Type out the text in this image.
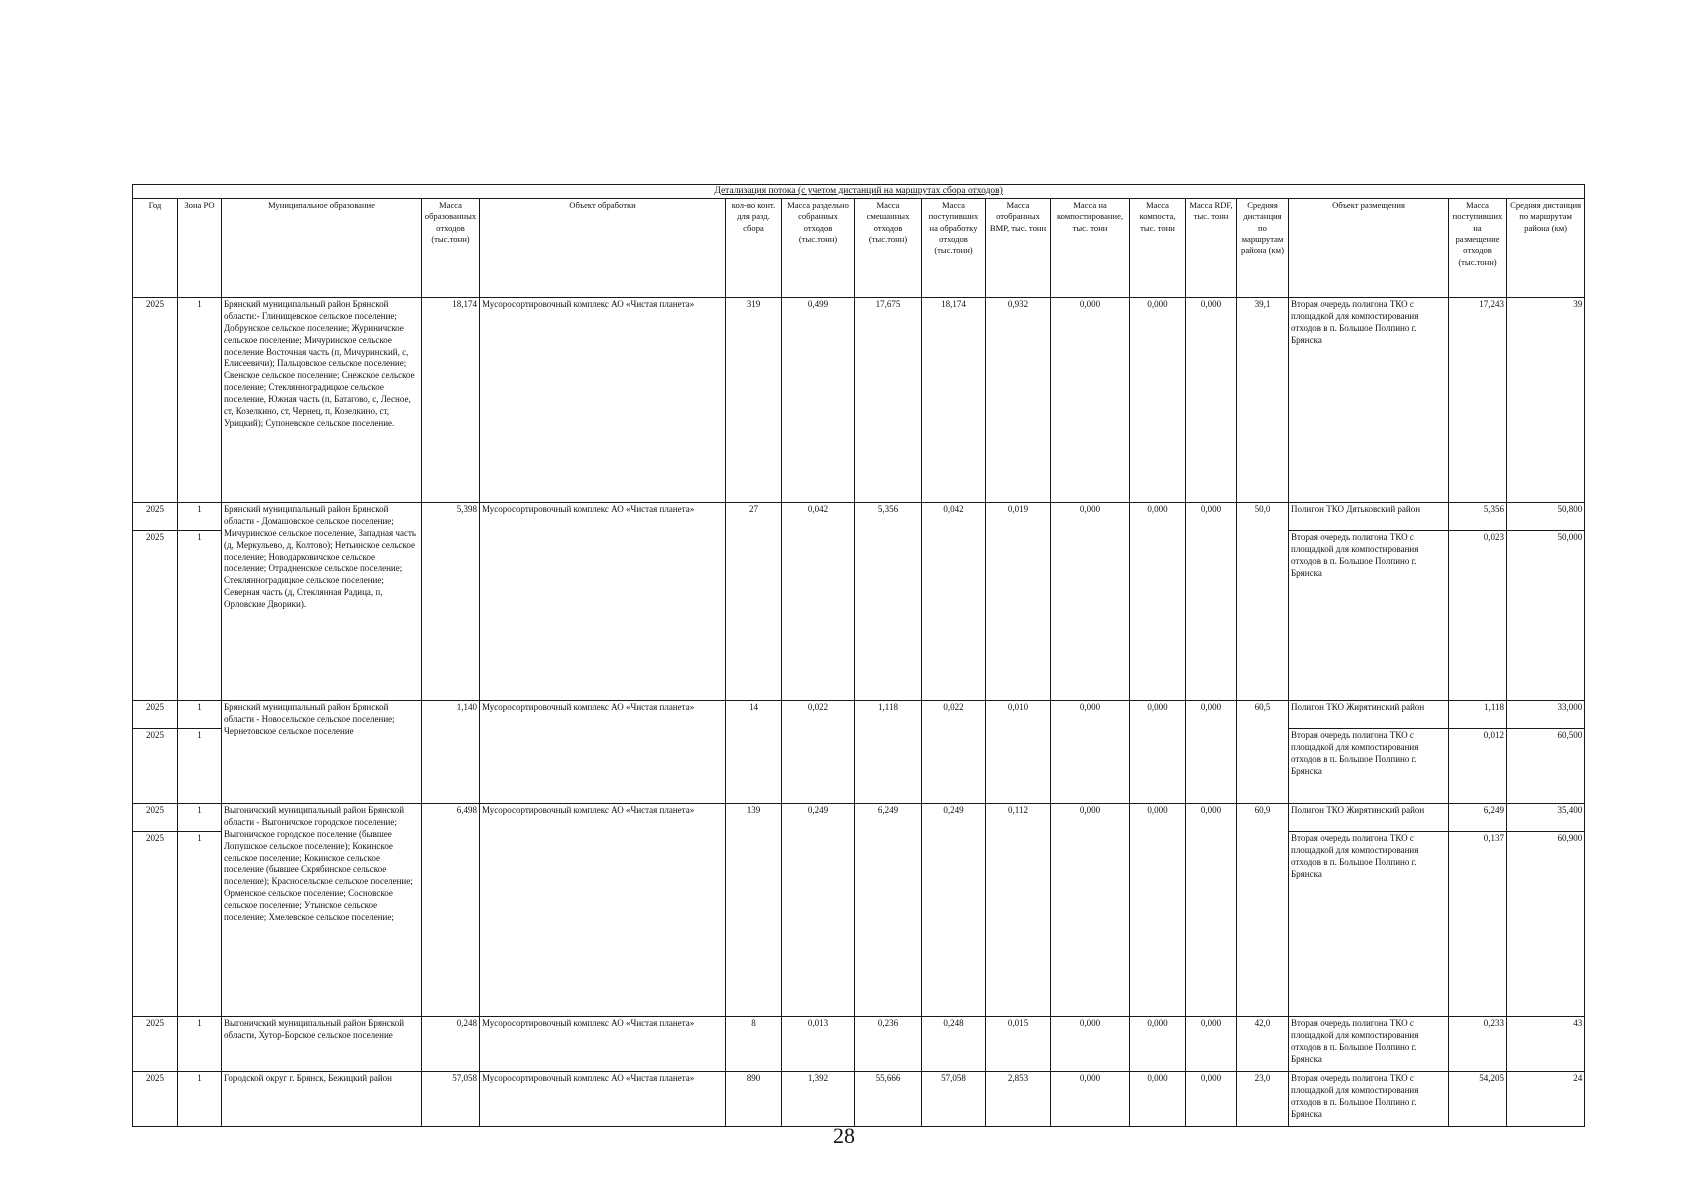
Детализация потока (с учетом дистанций на маршрутах сбора отходов)																
Год	Зона РО	Муниципальное образование	Масса образованных отходов (тыс.тонн)	Объект обработки	кол-во конт. для разд. сбора	Масса раздельно собранных отходов (тыс.тонн)	Масса смешанных отходов (тыс.тонн)	Масса поступивших на обработку отходов (тыс.тонн)	Масса отобранных ВМР, тыс. тонн	Масса на компостирование, тыс. тонн	Масса компоста, тыс. тонн	Масса RDF, тыс. тонн	Средняя дистанция по маршрутам района (км)	Объект размещения	Масса поступивших на размещение отходов (тыс.тонн)	Средняя дистанция по маршрутам района (км)
2025	1	Брянский муниципальный район Брянской области:- Глинищевское сельское поселение; Добрунское сельское поселение; Журиничское сельское поселение; Мичуринское сельское поселение Восточная часть (п, Мичуринский, с, Елисеевичи); Пальцовское сельское поселение; Свенское сельское поселение; Снежское сельское поселение; Стеклянноградицкое сельское поселение, Южная часть (п, Батагово, с, Лесное, ст, Козелкино, ст, Чернец, п, Козелкино, ст, Урицкий); Супоневское сельское поселение.	18,174	Мусоросортировочный комплекс АО «Чистая планета»	319	0,499	17,675	18,174	0,932	0,000	0,000	0,000	39,1	Вторая очередь полигона ТКО с площадкой для компостирования отходов в п. Большое Полпино г. Брянска	17,243	39
2025	1	Брянский муниципальный район Брянской области - Домашовское сельское поселение; Мичуринское сельское поселение, Западная часть (д, Меркульево, д, Колтово); Нетьинское сельское поселение; Новодарковичское сельское поселение; Отрадненское сельское поселение; Стеклянноградицкое сельское поселение; Северная часть (д, Стеклянная Радица, п, Орловские Дворики).	5,398	Мусоросортировочный комплекс АО «Чистая планета»	27	0,042	5,356	0,042	0,019	0,000	0,000	0,000	50,0	Полигон ТКО Дятьковский район	5,356	50,800
2025	1													Вторая очередь полигона ТКО с площадкой для компостирования отходов в п. Большое Полпино г. Брянска	0,023	50,000
2025	1	Брянский муниципальный район Брянской области - Новосельское сельское поселение; Чернетовское сельское поселение	1,140	Мусоросортировочный комплекс АО «Чистая планета»	14	0,022	1,118	0,022	0,010	0,000	0,000	0,000	60,5	Полигон ТКО Жирятинский район	1,118	33,000
2025	1													Вторая очередь полигона ТКО с площадкой для компостирования отходов в п. Большое Полпино г. Брянска	0,012	60,500
2025	1	Выгоничский муниципальный район Брянской области - Выгоничское городское поселение; Выгоничское городское поселение (бывшее Лопушское сельское поселение); Кокинское сельское поселение; Кокинское сельское поселение (бывшее Скрябинское сельское поселение); Красносельское сельское поселение; Орменское сельское поселение; Сосновское сельское поселение; Утынское сельское поселение; Хмелевское сельское поселение;	6,498	Мусоросортировочный комплекс АО «Чистая планета»	139	0,249	6,249	0,249	0,112	0,000	0,000	0,000	60,9	Полигон ТКО Жирятинский район	6,249	35,400
2025	1													Вторая очередь полигона ТКО с площадкой для компостирования отходов в п. Большое Полпино г. Брянска	0,137	60,900
2025	1	Выгоничский муниципальный район Брянской области, Хутор-Борское сельское поселение	0,248	Мусоросортировочный комплекс АО «Чистая планета»	8	0,013	0,236	0,248	0,015	0,000	0,000	0,000	42,0	Вторая очередь полигона ТКО с площадкой для компостирования отходов в п. Большое Полпино г. Брянска	0,233	43
2025	1	Городской округ г. Брянск, Бежицкий район	57,058	Мусоросортировочный комплекс АО «Чистая планета»	890	1,392	55,666	57,058	2,853	0,000	0,000	0,000	23,0	Вторая очередь полигона ТКО с площадкой для компостирования отходов в п. Большое Полпино г. Брянска	54,205	24
28
